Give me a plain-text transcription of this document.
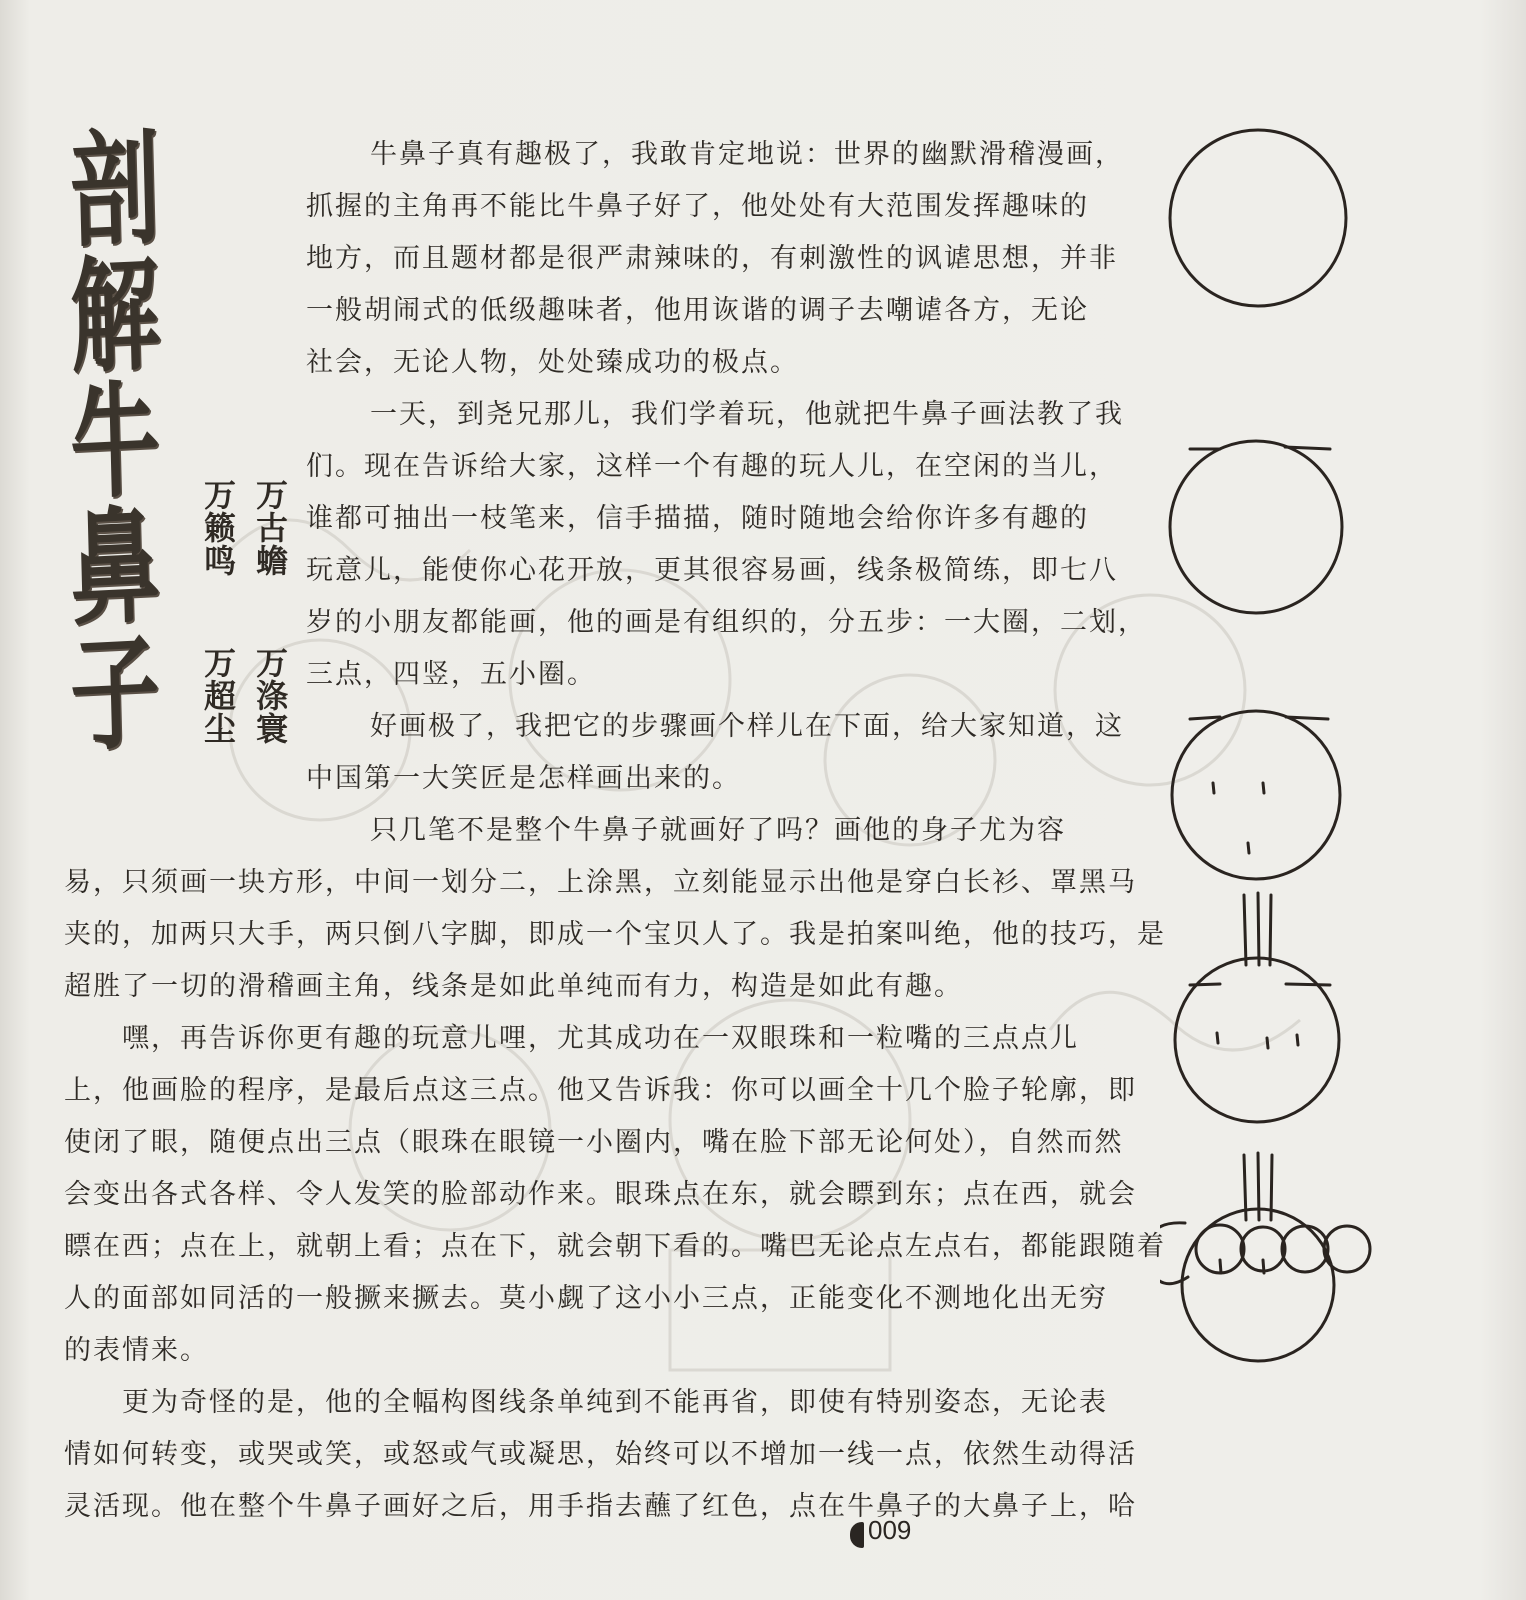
剖
解
牛
鼻
子
万古蟾
万籁鸣
万涤寰
万超尘
牛鼻子真有趣极了，我敢肯定地说：世界的幽默滑稽漫画，
抓握的主角再不能比牛鼻子好了，他处处有大范围发挥趣味的
地方，而且题材都是很严肃辣味的，有刺激性的讽谑思想，并非
一般胡闹式的低级趣味者，他用诙谐的调子去嘲谑各方，无论
社会，无论人物，处处臻成功的极点。
一天，到尧兄那儿，我们学着玩，他就把牛鼻子画法教了我
们。现在告诉给大家，这样一个有趣的玩人儿，在空闲的当儿，
谁都可抽出一枝笔来，信手描描，随时随地会给你许多有趣的
玩意儿，能使你心花开放，更其很容易画，线条极简练，即七八
岁的小朋友都能画，他的画是有组织的，分五步：一大圈，二划，
三点，四竖，五小圈。
好画极了，我把它的步骤画个样儿在下面，给大家知道，这
中国第一大笑匠是怎样画出来的。
只几笔不是整个牛鼻子就画好了吗？画他的身子尤为容
易，只须画一块方形，中间一划分二，上涂黑，立刻能显示出他是穿白长衫、罩黑马
夹的，加两只大手，两只倒八字脚，即成一个宝贝人了。我是拍案叫绝，他的技巧，是
超胜了一切的滑稽画主角，线条是如此单纯而有力，构造是如此有趣。
嘿，再告诉你更有趣的玩意儿哩，尤其成功在一双眼珠和一粒嘴的三点点儿
上，他画脸的程序，是最后点这三点。他又告诉我：你可以画全十几个脸子轮廓，即
使闭了眼，随便点出三点（眼珠在眼镜一小圈内，嘴在脸下部无论何处），自然而然
会变出各式各样、令人发笑的脸部动作来。眼珠点在东，就会瞟到东；点在西，就会
瞟在西；点在上，就朝上看；点在下，就会朝下看的。嘴巴无论点左点右，都能跟随着
人的面部如同活的一般撅来撅去。莫小觑了这小小三点，正能变化不测地化出无穷
的表情来。
更为奇怪的是，他的全幅构图线条单纯到不能再省，即使有特别姿态，无论表
情如何转变，或哭或笑，或怒或气或凝思，始终可以不增加一线一点，依然生动得活
灵活现。他在整个牛鼻子画好之后，用手指去蘸了红色，点在牛鼻子的大鼻子上，哈
009
